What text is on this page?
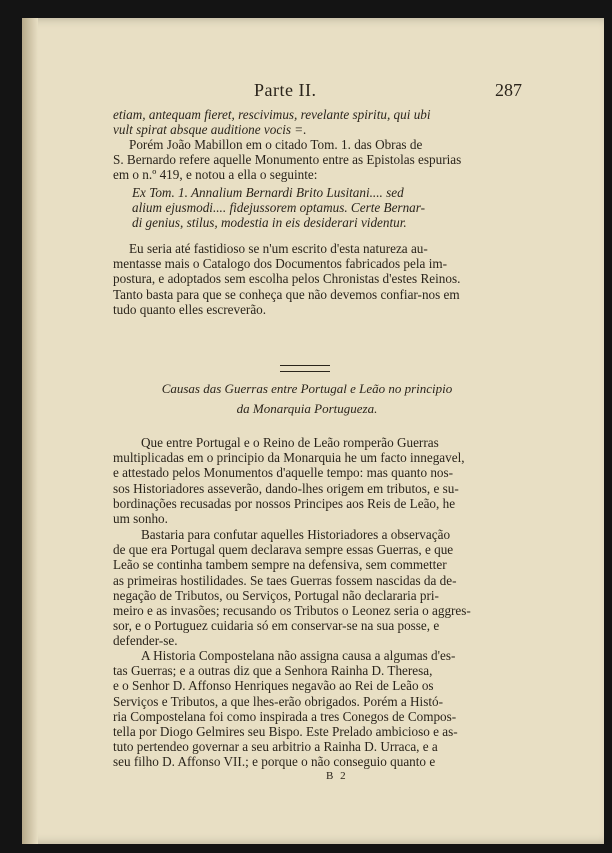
Parte II.	287
etiam, antequam fieret, rescivimus, revelante spiritu, qui ubi
vult spirat absque auditione vocis =.
Porém João Mabillon em o citado Tom. 1. das Obras de
S. Bernardo refere aquelle Monumento entre as Epistolas espurias
em o n.º 419, e notou a ella o seguinte:
Ex Tom. 1. Annalium Bernardi Brito Lusitani.... sed
alium ejusmodi.... fidejussorem optamus. Certe Bernar-
di genius, stilus, modestia in eis desiderari videntur.
Eu seria até fastidioso se n'um escrito d'esta natureza au-
mentasse mais o Catalogo dos Documentos fabricados pela im-
postura, e adoptados sem escolha pelos Chronistas d'estes Reinos.
Tanto basta para que se conheça que não devemos confiar-nos em
tudo quanto elles escreverão.
Causas das Guerras entre Portugal e Leão no principio
da Monarquia Portugueza.
Que entre Portugal e o Reino de Leão romperão Guerras
multiplicadas em o principio da Monarquia he um facto innegavel,
e attestado pelos Monumentos d'aquelle tempo: mas quanto nos-
sos Historiadores asseverão, dando-lhes origem em tributos, e su-
bordinações recusadas por nossos Principes aos Reis de Leão, he
um sonho.
Bastaria para confutar aquelles Historiadores a observação
de que era Portugal quem declarava sempre essas Guerras, e que
Leão se continha tambem sempre na defensiva, sem commetter
as primeiras hostilidades. Se taes Guerras fossem nascidas da de-
negação de Tributos, ou Serviços, Portugal não declararia pri-
meiro e as invasões; recusando os Tributos o Leonez seria o aggres-
sor, e o Portuguez cuidaria só em conservar-se na sua posse, e
defender-se.
A Historia Compostelana não assigna causa a algumas d'es-
tas Guerras; e a outras diz que a Senhora Rainha D. Theresa,
e o Senhor D. Affonso Henriques negavão ao Rei de Leão os
Serviços e Tributos, a que lhes-erão obrigados. Porém a Histó-
ria Compostelana foi como inspirada a tres Conegos de Compos-
tella por Diogo Gelmires seu Bispo. Este Prelado ambicioso e as-
tuto pertendeo governar a seu arbitrio a Rainha D. Urraca, e a
seu filho D. Affonso VII.; e porque o não conseguio quanto e
B 2
